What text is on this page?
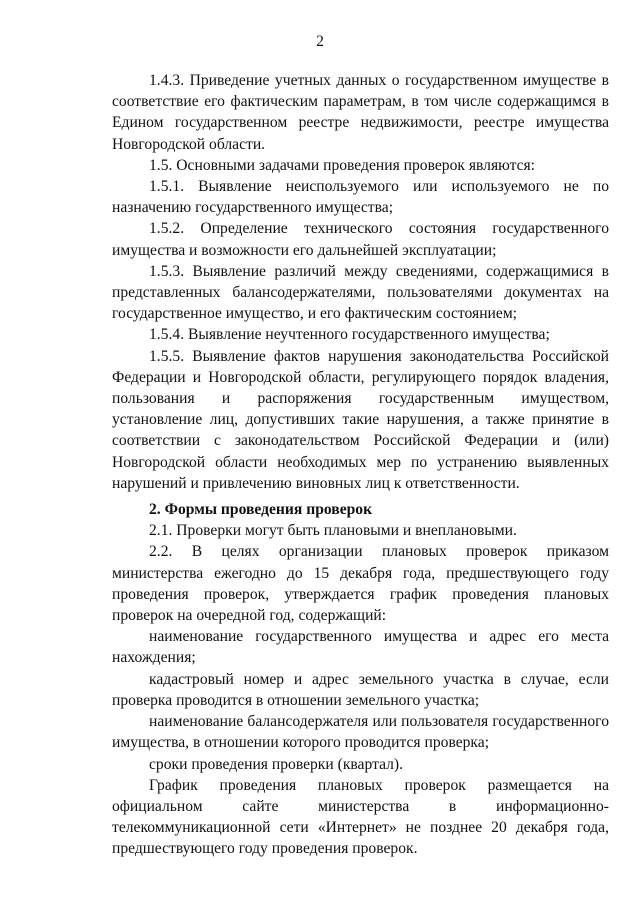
2

1.4.3. Приведение учетных данных о государственном имуществе в соответствие его фактическим параметрам, в том числе содержащимся в Едином государственном реестре недвижимости, реестре имущества Новгородской области.

1.5. Основными задачами проведения проверок являются:

1.5.1. Выявление неиспользуемого или используемого не по назначению государственного имущества;

1.5.2. Определение технического состояния государственного имущества и возможности его дальнейшей эксплуатации;

1.5.3. Выявление различий между сведениями, содержащимися в представленных балансодержателями, пользователями документах на государственное имущество, и его фактическим состоянием;

1.5.4. Выявление неучтенного государственного имущества;

1.5.5. Выявление фактов нарушения законодательства Российской Федерации и Новгородской области, регулирующего порядок владения, пользования и распоряжения государственным имуществом, установление лиц, допустивших такие нарушения, а также принятие в соответствии с законодательством Российской Федерации и (или) Новгородской области необходимых мер по устранению выявленных нарушений и привлечению виновных лиц к ответственности.

2. Формы проведения проверок

2.1. Проверки могут быть плановыми и внеплановыми.

2.2. В целях организации плановых проверок приказом министерства ежегодно до 15 декабря года, предшествующего году проведения проверок, утверждается график проведения плановых проверок на очередной год, содержащий:

наименование государственного имущества и адрес его места нахождения;

кадастровый номер и адрес земельного участка в случае, если проверка проводится в отношении земельного участка;

наименование балансодержателя или пользователя государственного имущества, в отношении которого проводится проверка;

сроки проведения проверки (квартал).

График проведения плановых проверок размещается на официальном сайте министерства в информационно-телекоммуникационной сети «Интернет» не позднее 20 декабря года, предшествующего году проведения проверок.
